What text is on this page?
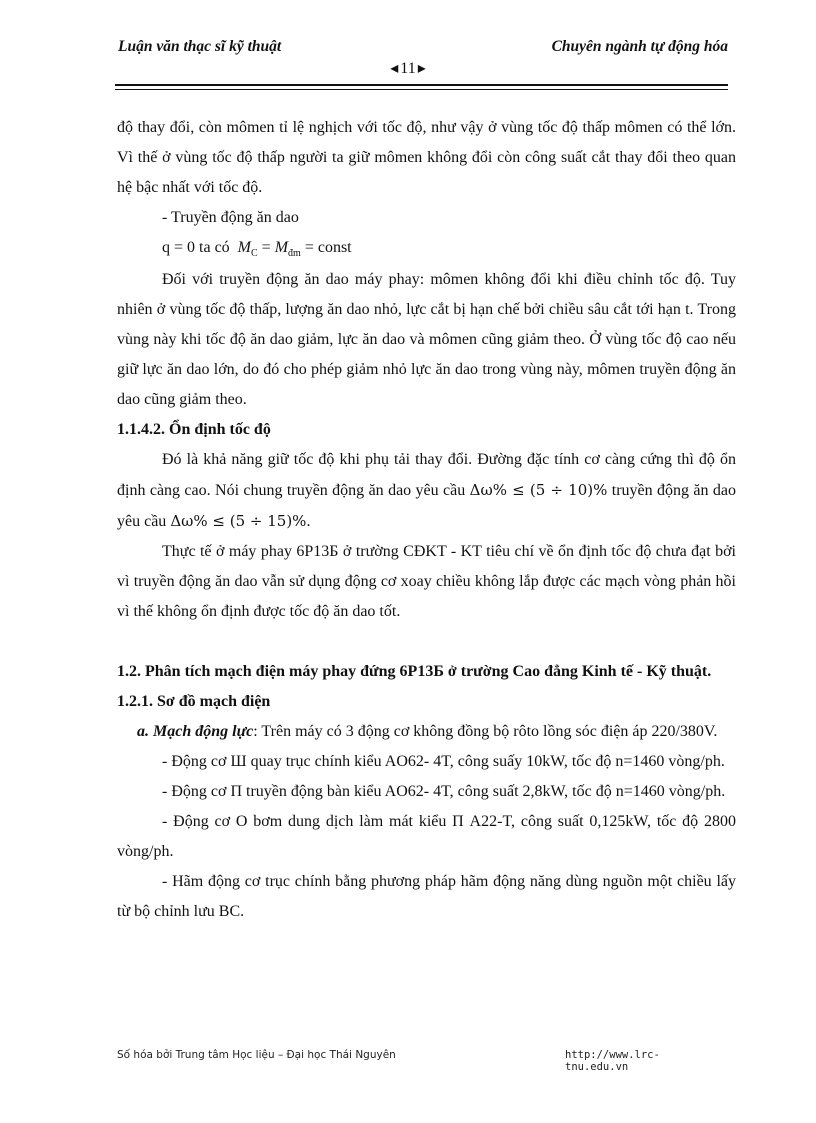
Luận văn thạc sĩ kỹ thuật	Chuyên ngành tự động hóa
◂ 11 ▸

độ thay đổi, còn mômen tỉ lệ nghịch với tốc độ, như vậy ở vùng tốc độ thấp mômen có thể lớn. Vì thế ở vùng tốc độ thấp người ta giữ mômen không đổi còn công suất cắt thay đổi theo quan hệ bậc nhất với tốc độ.

- Truyền động ăn dao

q = 0 ta có $M_C = M_{đm}$ = const

Đối với truyền động ăn dao máy phay: mômen không đổi khi điều chỉnh tốc độ. Tuy nhiên ở vùng tốc độ thấp, lượng ăn dao nhỏ, lực cắt bị hạn chế bởi chiều sâu cắt tới hạn t. Trong vùng này khi tốc độ ăn dao giảm, lực ăn dao và mômen cũng giảm theo. Ở vùng tốc độ cao nếu giữ lực ăn dao lớn, do đó cho phép giảm nhỏ lực ăn dao trong vùng này, mômen truyền động ăn dao cũng giảm theo.

1.1.4.2. Ổn định tốc độ

Đó là khả năng giữ tốc độ khi phụ tải thay đổi. Đường đặc tính cơ càng cứng thì độ ổn định càng cao. Nói chung truyền động ăn dao yêu cầu Δω% ≤ (5 ÷ 10)% truyền động ăn dao yêu cầu Δω% ≤ (5 ÷ 15)%.

Thực tế ở máy phay 6P13Б ở trường CĐKT - KT tiêu chí về ổn định tốc độ chưa đạt bởi vì truyền động ăn dao vẫn sử dụng động cơ xoay chiều không lắp được các mạch vòng phản hồi vì thế không ổn định được tốc độ ăn dao tốt.

1.2. Phân tích mạch điện máy phay đứng 6P13Б ở trường Cao đẳng Kinh tế - Kỹ thuật.

1.2.1. Sơ đồ mạch điện

a. Mạch động lực: Trên máy có 3 động cơ không đồng bộ rôto lồng sóc điện áp 220/380V.

- Động cơ Ш quay trục chính kiểu AO62- 4T, công suấy 10kW, tốc độ n=1460 vòng/ph.

- Động cơ П truyền động bàn kiểu AO62- 4T, công suất 2,8kW, tốc độ n=1460 vòng/ph.

- Động cơ O bơm dung dịch làm mát kiểu П A22-T, công suất 0,125kW, tốc độ 2800 vòng/ph.

- Hãm động cơ trục chính bằng phương pháp hãm động năng dùng nguồn một chiều lấy từ bộ chỉnh lưu BC.

Số hóa bởi Trung tâm Học liệu – Đại học Thái Nguyên	http://www.lrc-tnu.edu.vn
